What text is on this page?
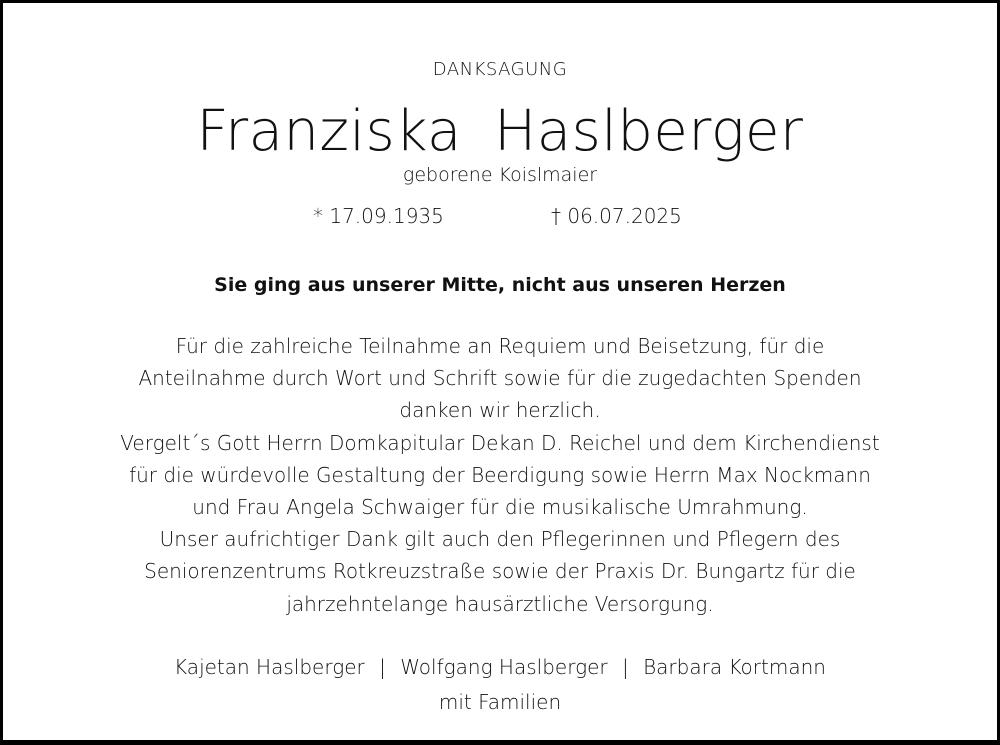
DANKSAGUNG
Franziska Haslberger
geborene Koislmaier
* 17.09.1935	† 06.07.2025
Sie ging aus unserer Mitte, nicht aus unseren Herzen
Für die zahlreiche Teilnahme an Requiem und Beisetzung, für die
Anteilnahme durch Wort und Schrift sowie für die zugedachten Spenden
danken wir herzlich.
Vergelt´s Gott Herrn Domkapitular Dekan D. Reichel und dem Kirchendienst
für die würdevolle Gestaltung der Beerdigung sowie Herrn Max Nockmann
und Frau Angela Schwaiger für die musikalische Umrahmung.
Unser aufrichtiger Dank gilt auch den Pflegerinnen und Pflegern des
Seniorenzentrums Rotkreuzstraße sowie der Praxis Dr. Bungartz für die
jahrzehntelange hausärztliche Versorgung.
Kajetan Haslberger | Wolfgang Haslberger | Barbara Kortmann
mit Familien
